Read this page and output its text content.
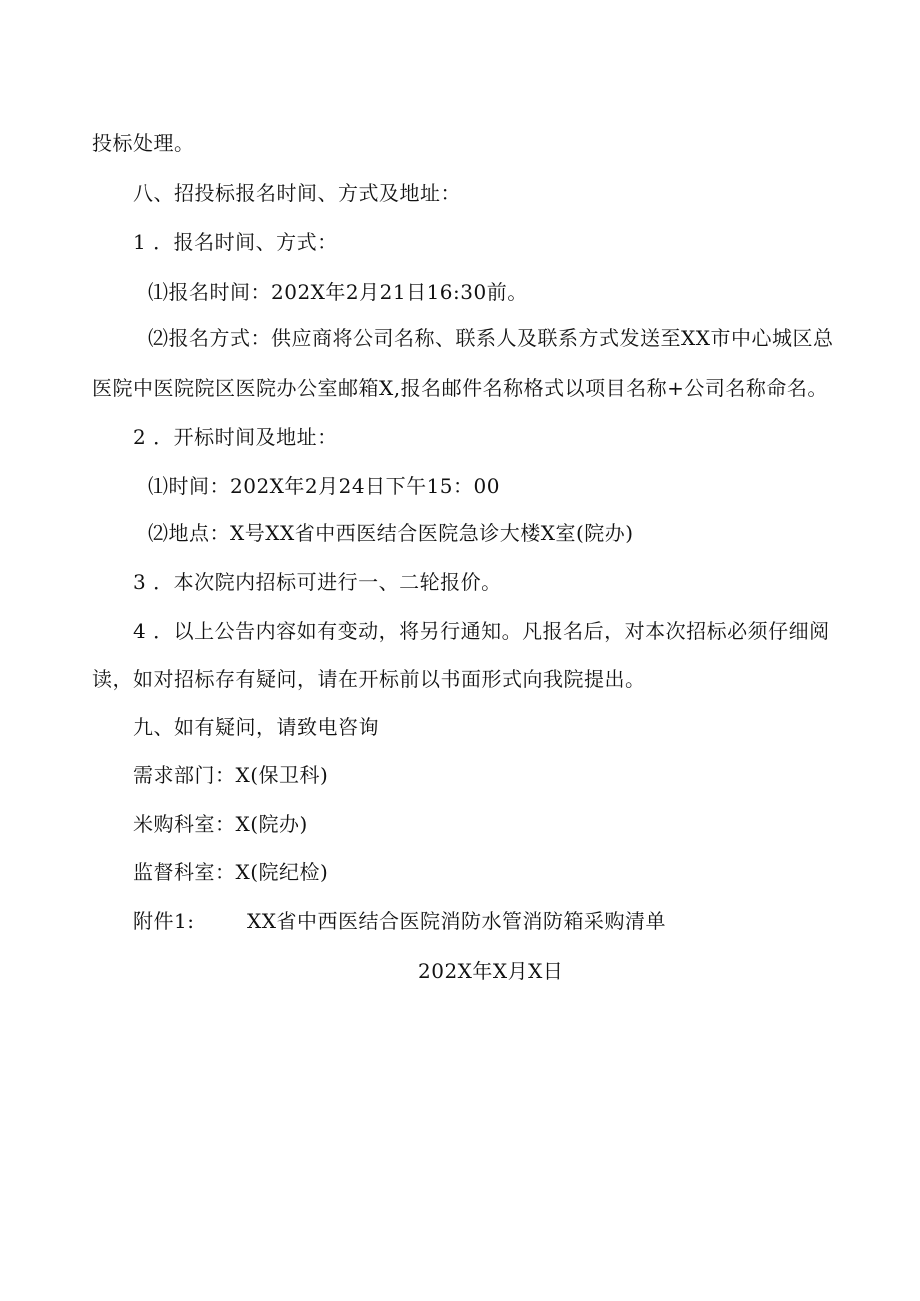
投标处理。
八、招投标报名时间、方式及地址：
1 ．报名时间、方式：
⑴报名时间：202X年2月21日16:30前。
⑵报名方式：供应商将公司名称、联系人及联系方式发送至XX市中心城区总
医院中医院院区医院办公室邮箱X,报名邮件名称格式以项目名称+公司名称命名。
2 ．开标时间及地址：
⑴时间：202X年2月24日下午15：00
⑵地点：X号XX省中西医结合医院急诊大楼X室(院办)
3 ．本次院内招标可进行一、二轮报价。
4 ．以上公告内容如有变动，将另行通知。凡报名后，对本次招标必须仔细阅
读，如对招标存有疑问，请在开标前以书面形式向我院提出。
九、如有疑问，请致电咨询
需求部门：X(保卫科)
米购科室：X(院办)
监督科室：X(院纪检)
附件1:	XX省中西医结合医院消防水管消防箱采购清单
202X年X月X日
